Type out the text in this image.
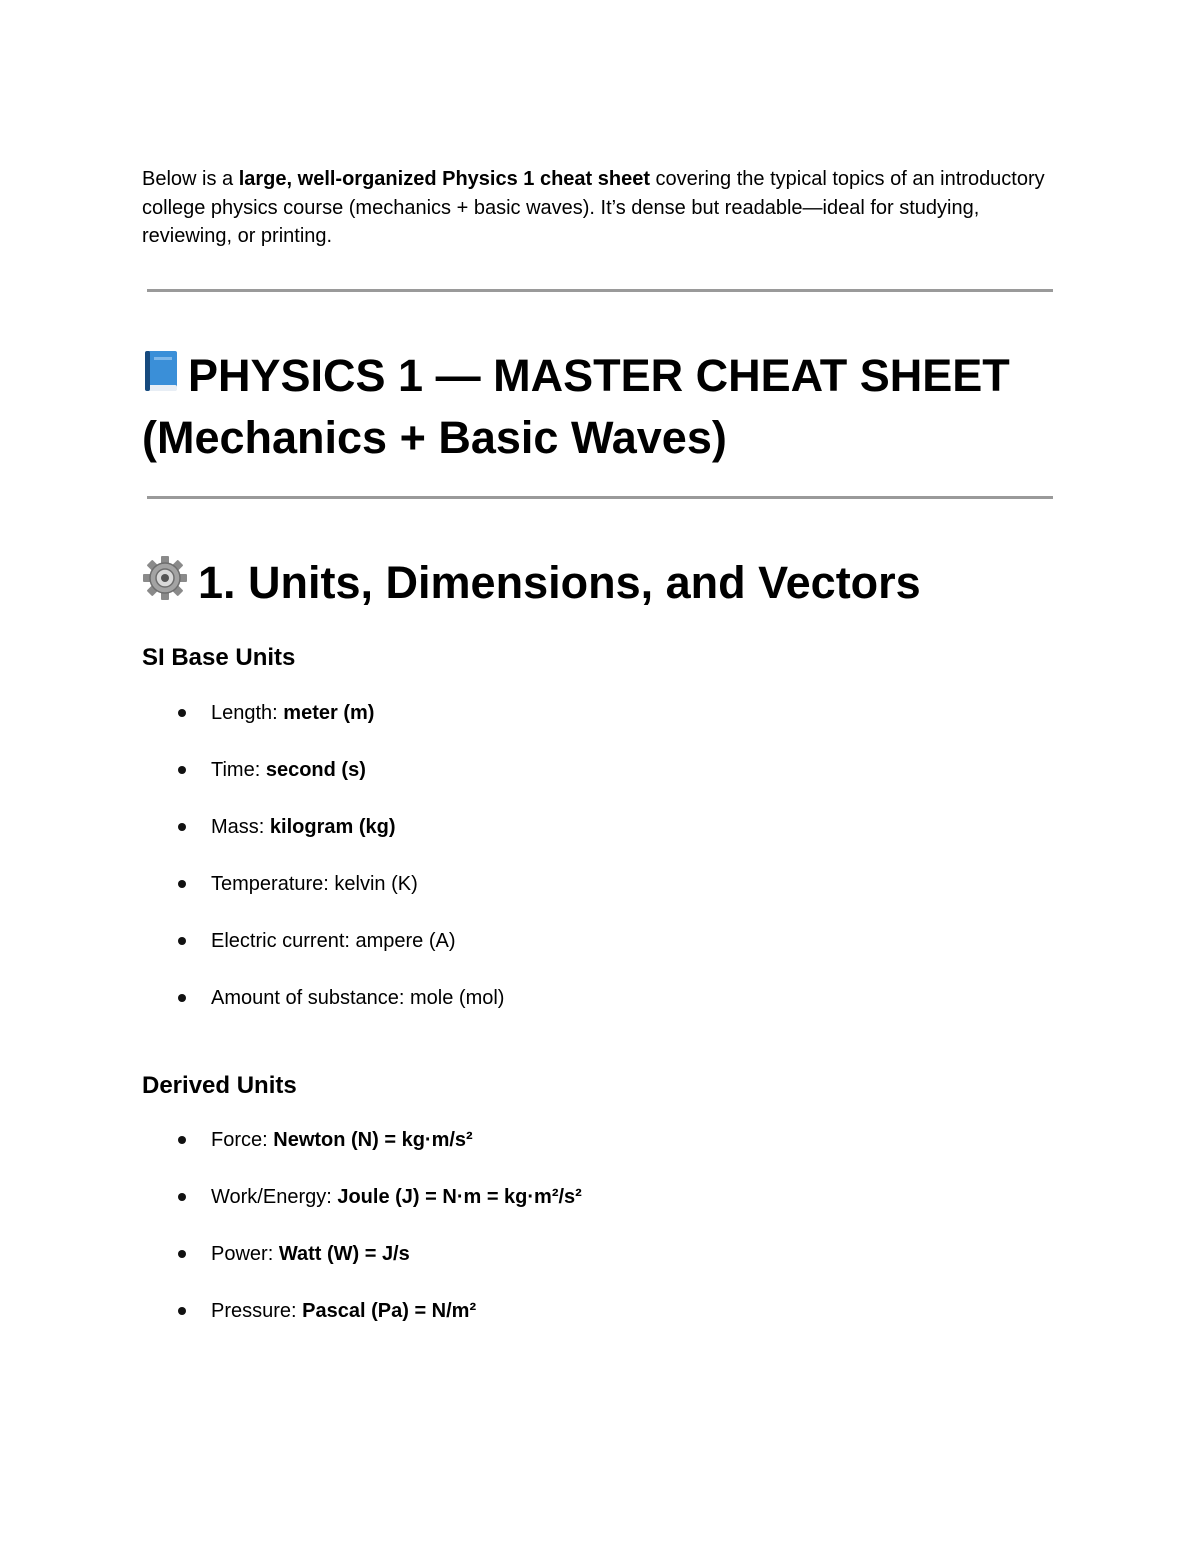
Below is a large, well-organized Physics 1 cheat sheet covering the typical topics of an introductory college physics course (mechanics + basic waves). It’s dense but readable—ideal for studying, reviewing, or printing.

PHYSICS 1 — MASTER CHEAT SHEET
(Mechanics + Basic Waves)
1. Units, Dimensions, and Vectors
SI Base Units
Length: meter (m)
Time: second (s)
Mass: kilogram (kg)
Temperature: kelvin (K)
Electric current: ampere (A)
Amount of substance: mole (mol)
Derived Units
Force: Newton (N) = kg·m/s²
Work/Energy: Joule (J) = N·m = kg·m²/s²
Power: Watt (W) = J/s
Pressure: Pascal (Pa) = N/m²
